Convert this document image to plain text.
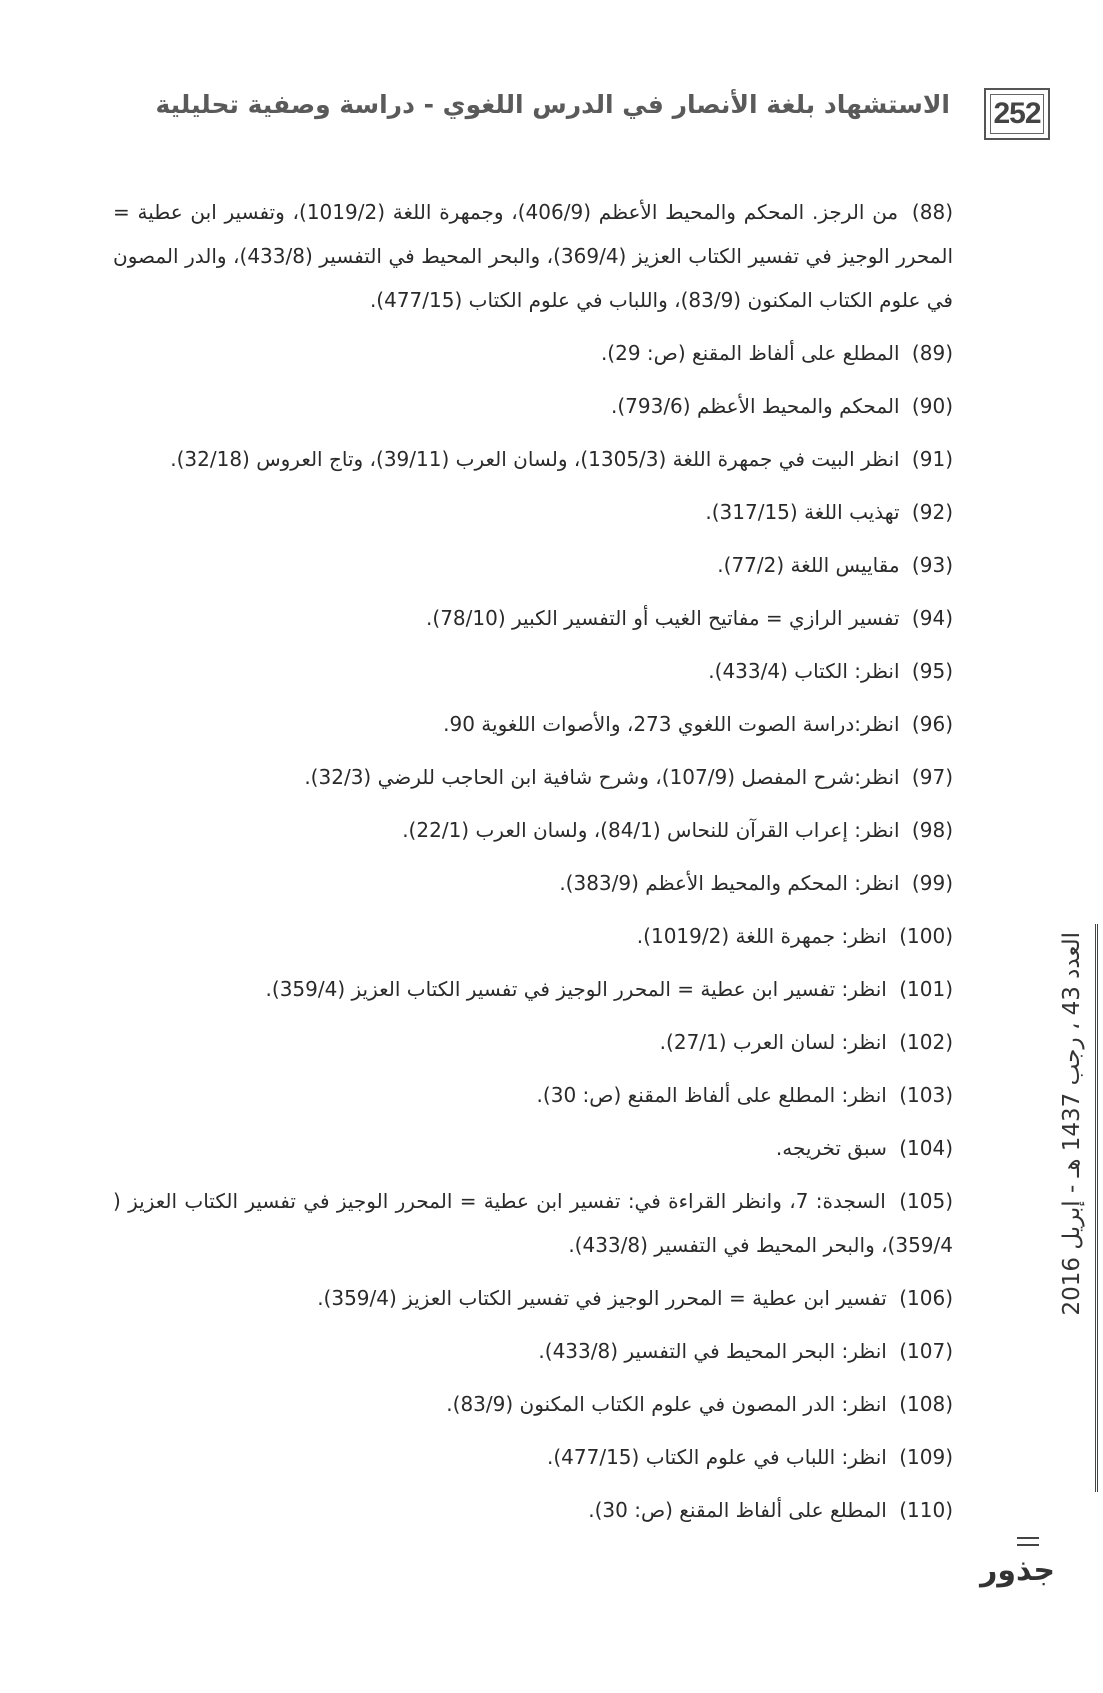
252
الاستشهاد بلغة الأنصار في الدرس اللغوي - دراسة وصفية تحليلية
(88) من الرجز. المحكم والمحيط الأعظم (406/9)، وجمهرة اللغة (1019/2)، وتفسير ابن عطية = المحرر الوجيز في تفسير الكتاب العزيز (369/4)، والبحر المحيط في التفسير (433/8)، والدر المصون في علوم الكتاب المكنون (83/9)، واللباب في علوم الكتاب (477/15).
(89) المطلع على ألفاظ المقنع (ص: 29).
(90) المحكم والمحيط الأعظم (793/6).
(91) انظر البيت في جمهرة اللغة (1305/3)، ولسان العرب (39/11)، وتاج العروس (32/18).
(92) تهذيب اللغة (317/15).
(93) مقاييس اللغة (77/2).
(94) تفسير الرازي = مفاتيح الغيب أو التفسير الكبير (78/10).
(95) انظر: الكتاب (433/4).
(96) انظر:دراسة الصوت اللغوي 273، والأصوات اللغوية 90.
(97) انظر:شرح المفصل (107/9)، وشرح شافية ابن الحاجب للرضي (32/3).
(98) انظر: إعراب القرآن للنحاس (84/1)، ولسان العرب (22/1).
(99) انظر: المحكم والمحيط الأعظم (383/9).
(100) انظر: جمهرة اللغة (1019/2).
(101) انظر: تفسير ابن عطية = المحرر الوجيز في تفسير الكتاب العزيز (359/4).
(102) انظر: لسان العرب (27/1).
(103) انظر: المطلع على ألفاظ المقنع (ص: 30).
(104) سبق تخريجه.
(105) السجدة: 7، وانظر القراءة في: تفسير ابن عطية = المحرر الوجيز في تفسير الكتاب العزيز ( 359/4)، والبحر المحيط في التفسير (433/8).
(106) تفسير ابن عطية = المحرر الوجيز في تفسير الكتاب العزيز (359/4).
(107) انظر: البحر المحيط في التفسير (433/8).
(108) انظر: الدر المصون في علوم الكتاب المكنون (83/9).
(109) انظر: اللباب في علوم الكتاب (477/15).
(110) المطلع على ألفاظ المقنع (ص: 30).
العدد 43 ، رجب 1437 هـ - إبريل 2016
جذور
